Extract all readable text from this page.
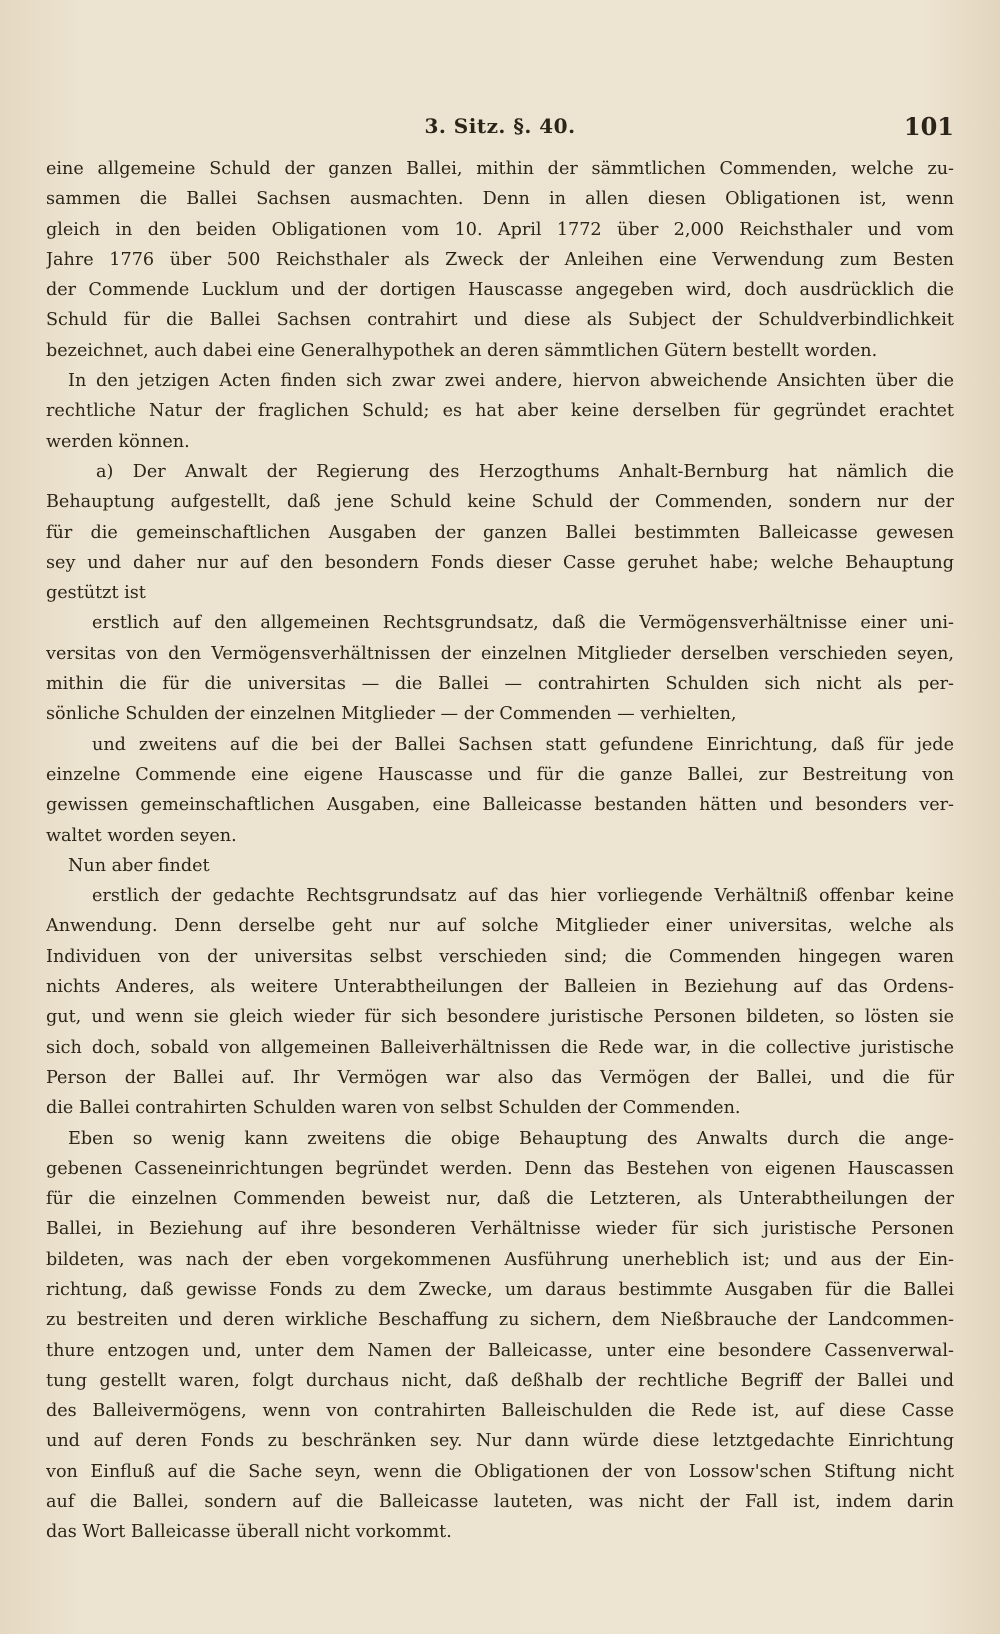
3. Sitz. §. 40.	101
eine allgemeine Schuld der ganzen Ballei, mithin der sämmtlichen Commenden, welche zu-
sammen die Ballei Sachsen ausmachten. Denn in allen diesen Obligationen ist, wenn
gleich in den beiden Obligationen vom 10. April 1772 über 2,000 Reichsthaler und vom
Jahre 1776 über 500 Reichsthaler als Zweck der Anleihen eine Verwendung zum Besten
der Commende Lucklum und der dortigen Hauscasse angegeben wird, doch ausdrücklich die
Schuld für die Ballei Sachsen contrahirt und diese als Subject der Schuldverbindlichkeit
bezeichnet, auch dabei eine Generalhypothek an deren sämmtlichen Gütern bestellt worden.
In den jetzigen Acten finden sich zwar zwei andere, hiervon abweichende Ansichten über die
rechtliche Natur der fraglichen Schuld; es hat aber keine derselben für gegründet erachtet
werden können.
a) Der Anwalt der Regierung des Herzogthums Anhalt-Bernburg hat nämlich die
Behauptung aufgestellt, daß jene Schuld keine Schuld der Commenden, sondern nur der
für die gemeinschaftlichen Ausgaben der ganzen Ballei bestimmten Balleicasse gewesen
sey und daher nur auf den besondern Fonds dieser Casse geruhet habe; welche Behauptung
gestützt ist
erstlich auf den allgemeinen Rechtsgrundsatz, daß die Vermögensverhältnisse einer uni-
versitas von den Vermögensverhältnissen der einzelnen Mitglieder derselben verschieden seyen,
mithin die für die universitas — die Ballei — contrahirten Schulden sich nicht als per-
sönliche Schulden der einzelnen Mitglieder — der Commenden — verhielten,
und zweitens auf die bei der Ballei Sachsen statt gefundene Einrichtung, daß für jede
einzelne Commende eine eigene Hauscasse und für die ganze Ballei, zur Bestreitung von
gewissen gemeinschaftlichen Ausgaben, eine Balleicasse bestanden hätten und besonders ver-
waltet worden seyen.
Nun aber findet
erstlich der gedachte Rechtsgrundsatz auf das hier vorliegende Verhältniß offenbar keine
Anwendung. Denn derselbe geht nur auf solche Mitglieder einer universitas, welche als
Individuen von der universitas selbst verschieden sind; die Commenden hingegen waren
nichts Anderes, als weitere Unterabtheilungen der Balleien in Beziehung auf das Ordens-
gut, und wenn sie gleich wieder für sich besondere juristische Personen bildeten, so lösten sie
sich doch, sobald von allgemeinen Balleiverhältnissen die Rede war, in die collective juristische
Person der Ballei auf. Ihr Vermögen war also das Vermögen der Ballei, und die für
die Ballei contrahirten Schulden waren von selbst Schulden der Commenden.
Eben so wenig kann zweitens die obige Behauptung des Anwalts durch die ange-
gebenen Casseneinrichtungen begründet werden. Denn das Bestehen von eigenen Hauscassen
für die einzelnen Commenden beweist nur, daß die Letzteren, als Unterabtheilungen der
Ballei, in Beziehung auf ihre besonderen Verhältnisse wieder für sich juristische Personen
bildeten, was nach der eben vorgekommenen Ausführung unerheblich ist; und aus der Ein-
richtung, daß gewisse Fonds zu dem Zwecke, um daraus bestimmte Ausgaben für die Ballei
zu bestreiten und deren wirkliche Beschaffung zu sichern, dem Nießbrauche der Landcommen-
thure entzogen und, unter dem Namen der Balleicasse, unter eine besondere Cassenverwal-
tung gestellt waren, folgt durchaus nicht, daß deßhalb der rechtliche Begriff der Ballei und
des Balleivermögens, wenn von contrahirten Balleischulden die Rede ist, auf diese Casse
und auf deren Fonds zu beschränken sey. Nur dann würde diese letztgedachte Einrichtung
von Einfluß auf die Sache seyn, wenn die Obligationen der von Lossow'schen Stiftung nicht
auf die Ballei, sondern auf die Balleicasse lauteten, was nicht der Fall ist, indem darin
das Wort Balleicasse überall nicht vorkommt.
